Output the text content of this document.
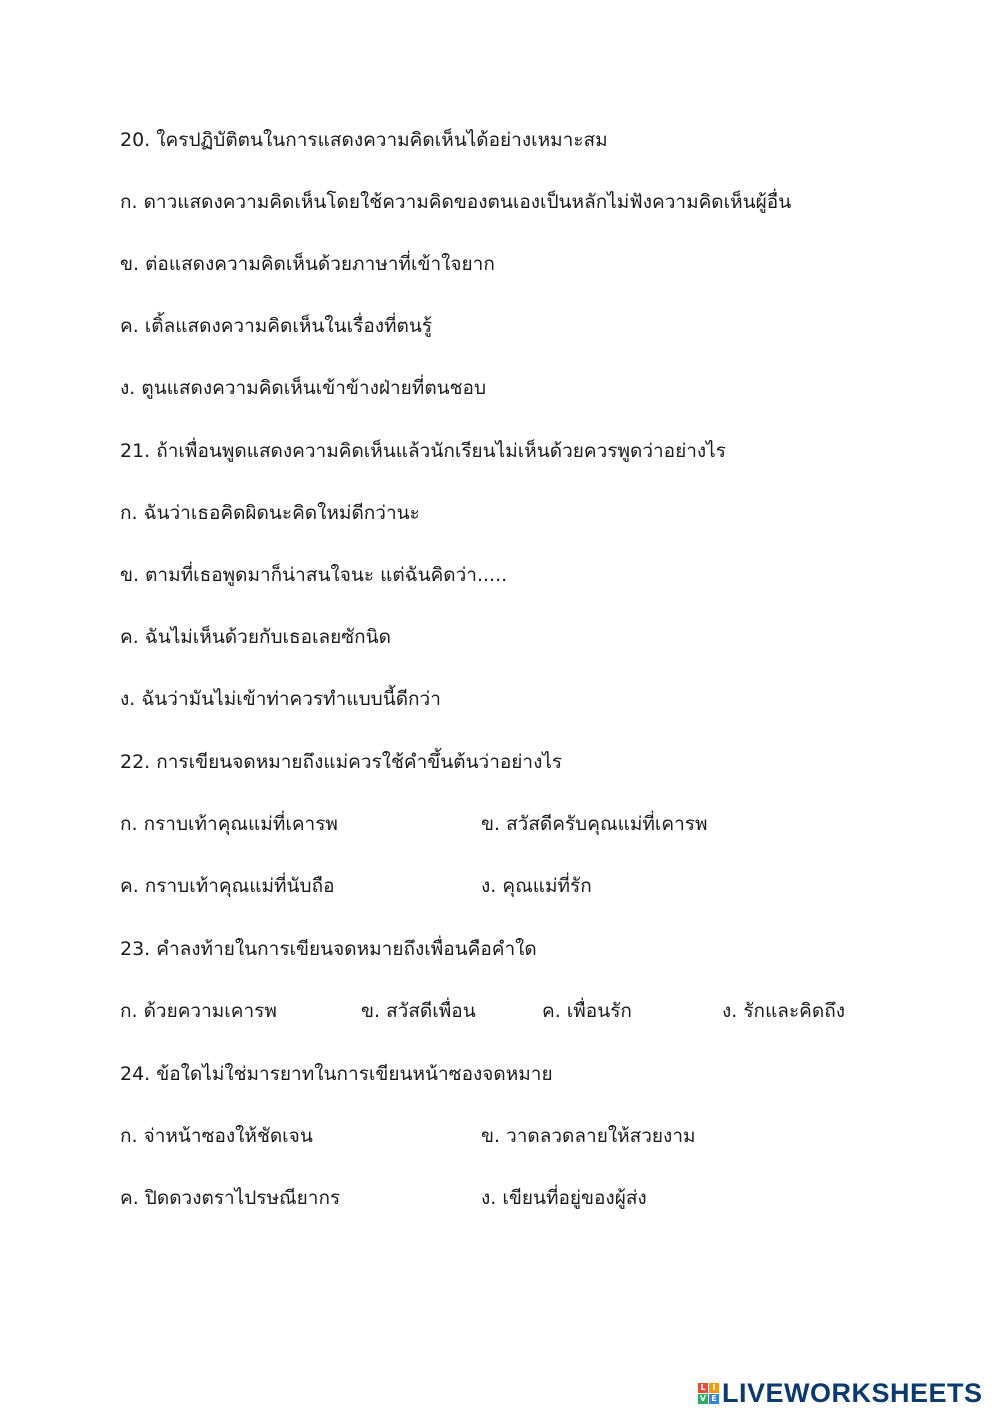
20. ใครปฏิบัติตนในการแสดงความคิดเห็นได้อย่างเหมาะสม
ก. ดาวแสดงความคิดเห็นโดยใช้ความคิดของตนเองเป็นหลักไม่ฟังความคิดเห็นผู้อื่น
ข. ต่อแสดงความคิดเห็นด้วยภาษาที่เข้าใจยาก
ค. เติ้ลแสดงความคิดเห็นในเรื่องที่ตนรู้
ง. ตูนแสดงความคิดเห็นเข้าข้างฝ่ายที่ตนชอบ
21. ถ้าเพื่อนพูดแสดงความคิดเห็นแล้วนักเรียนไม่เห็นด้วยควรพูดว่าอย่างไร
ก. ฉันว่าเธอคิดผิดนะคิดใหม่ดีกว่านะ
ข. ตามที่เธอพูดมาก็น่าสนใจนะ แต่ฉันคิดว่า.....
ค. ฉันไม่เห็นด้วยกับเธอเลยซักนิด
ง. ฉันว่ามันไม่เข้าท่าควรทำแบบนี้ดีกว่า
22. การเขียนจดหมายถึงแม่ควรใช้คำขึ้นต้นว่าอย่างไร
ก. กราบเท้าคุณแม่ที่เคารพ	ข. สวัสดีครับคุณแม่ที่เคารพ
ค. กราบเท้าคุณแม่ที่นับถือ	ง. คุณแม่ที่รัก
23. คำลงท้ายในการเขียนจดหมายถึงเพื่อนคือคำใด
ก. ด้วยความเคารพ	ข. สวัสดีเพื่อน	ค. เพื่อนรัก	ง. รักและคิดถึง
24. ข้อใดไม่ใช่มารยาทในการเขียนหน้าซองจดหมาย
ก. จ่าหน้าซองให้ชัดเจน	ข. วาดลวดลายให้สวยงาม
ค. ปิดดวงตราไปรษณียากร	ง. เขียนที่อยู่ของผู้ส่ง
L I
V E LIVEWORKSHEETS
